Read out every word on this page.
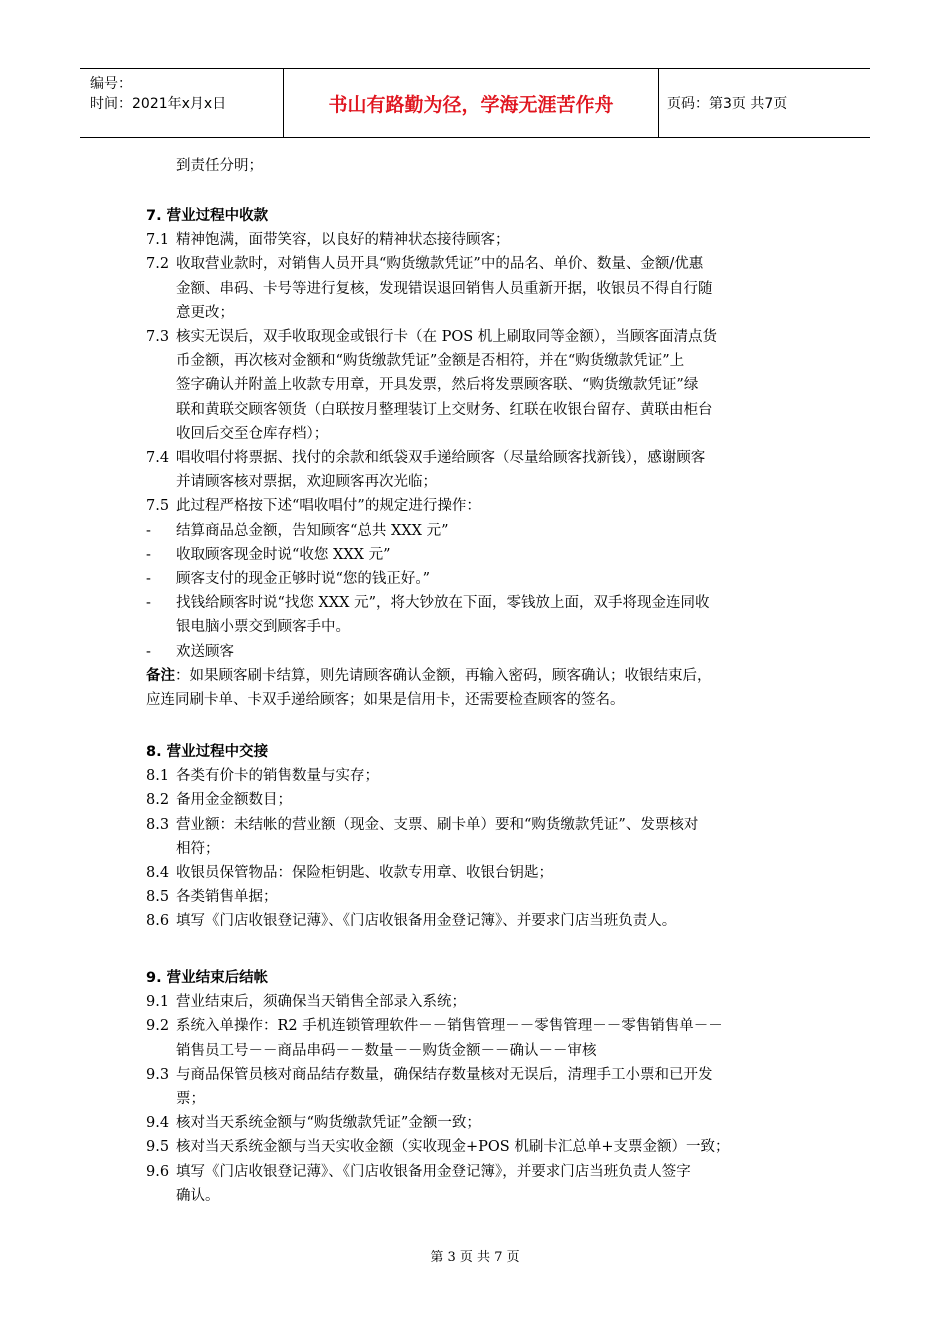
编号：
时间：2021年x月x日	书山有路勤为径，学海无涯苦作舟	页码：第3页 共7页
到责任分明；
7. 营业过程中收款
7.1 精神饱满，面带笑容，以良好的精神状态接待顾客；
7.2 收取营业款时，对销售人员开具“购货缴款凭证”中的品名、单价、数量、金额/优惠
金额、串码、卡号等进行复核，发现错误退回销售人员重新开据，收银员不得自行随
意更改；
7.3 核实无误后，双手收取现金或银行卡（在 POS 机上刷取同等金额），当顾客面清点货
币金额，再次核对金额和“购货缴款凭证”金额是否相符，并在“购货缴款凭证”上
签字确认并附盖上收款专用章，开具发票，然后将发票顾客联、“购货缴款凭证”绿
联和黄联交顾客领货（白联按月整理装订上交财务、红联在收银台留存、黄联由柜台
收回后交至仓库存档）；
7.4 唱收唱付将票据、找付的余款和纸袋双手递给顾客（尽量给顾客找新钱），感谢顾客
并请顾客核对票据，欢迎顾客再次光临；
7.5 此过程严格按下述“唱收唱付”的规定进行操作：
- 结算商品总金额，告知顾客“总共 XXX 元”
- 收取顾客现金时说“收您 XXX 元”
- 顾客支付的现金正够时说“您的钱正好。”
- 找钱给顾客时说“找您 XXX 元”，将大钞放在下面，零钱放上面，双手将现金连同收
银电脑小票交到顾客手中。
- 欢送顾客
备注：如果顾客刷卡结算，则先请顾客确认金额，再输入密码，顾客确认；收银结束后，
应连同刷卡单、卡双手递给顾客；如果是信用卡，还需要检查顾客的签名。
8. 营业过程中交接
8.1 各类有价卡的销售数量与实存；
8.2 备用金金额数目；
8.3 营业额：未结帐的营业额（现金、支票、刷卡单）要和“购货缴款凭证”、发票核对
相符；
8.4 收银员保管物品：保险柜钥匙、收款专用章、收银台钥匙；
8.5 各类销售单据；
8.6 填写《门店收银登记薄》、《门店收银备用金登记簿》、并要求门店当班负责人。
9. 营业结束后结帐
9.1 营业结束后，须确保当天销售全部录入系统；
9.2 系统入单操作：R2 手机连锁管理软件－－销售管理－－零售管理－－零售销售单－－
销售员工号－－商品串码－－数量－－购货金额－－确认－－审核
9.3 与商品保管员核对商品结存数量，确保结存数量核对无误后，清理手工小票和已开发
票；
9.4 核对当天系统金额与“购货缴款凭证”金额一致；
9.5 核对当天系统金额与当天实收金额（实收现金+POS 机刷卡汇总单+支票金额）一致；
9.6 填写《门店收银登记薄》、《门店收银备用金登记簿》，并要求门店当班负责人签字
确认。
第 3 页 共 7 页
